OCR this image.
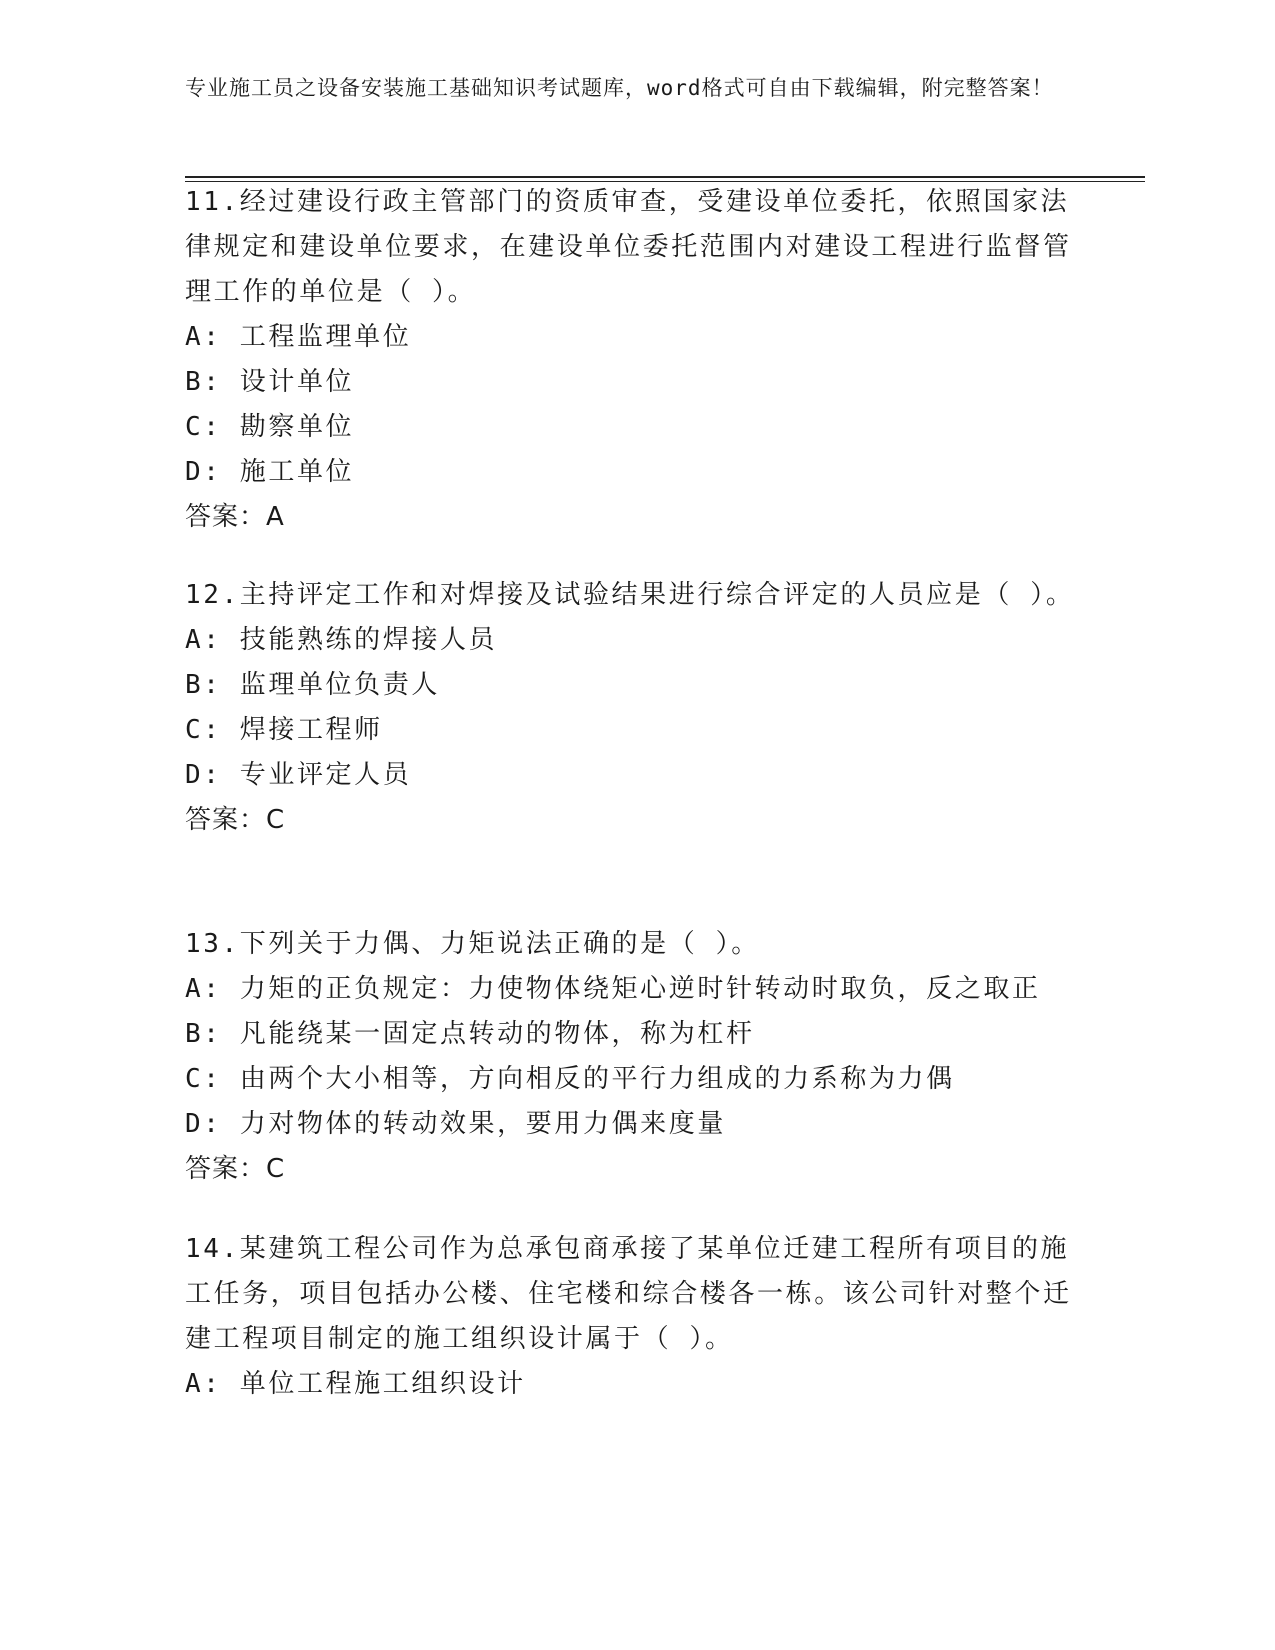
专业施工员之设备安装施工基础知识考试题库，word格式可自由下载编辑，附完整答案！

11.经过建设行政主管部门的资质审查，受建设单位委托，依照国家法律规定和建设单位要求，在建设单位委托范围内对建设工程进行监督管理工作的单位是（ ）。

A: 工程监理单位

B: 设计单位

C: 勘察单位

D: 施工单位

答案：A

12.主持评定工作和对焊接及试验结果进行综合评定的人员应是（ ）。

A: 技能熟练的焊接人员

B: 监理单位负责人

C: 焊接工程师

D: 专业评定人员

答案：C

13.下列关于力偶、力矩说法正确的是（ ）。

A: 力矩的正负规定：力使物体绕矩心逆时针转动时取负，反之取正

B: 凡能绕某一固定点转动的物体，称为杠杆

C: 由两个大小相等，方向相反的平行力组成的力系称为力偶

D: 力对物体的转动效果，要用力偶来度量

答案：C

14.某建筑工程公司作为总承包商承接了某单位迁建工程所有项目的施工任务，项目包括办公楼、住宅楼和综合楼各一栋。该公司针对整个迁建工程项目制定的施工组织设计属于（ ）。

A: 单位工程施工组织设计
